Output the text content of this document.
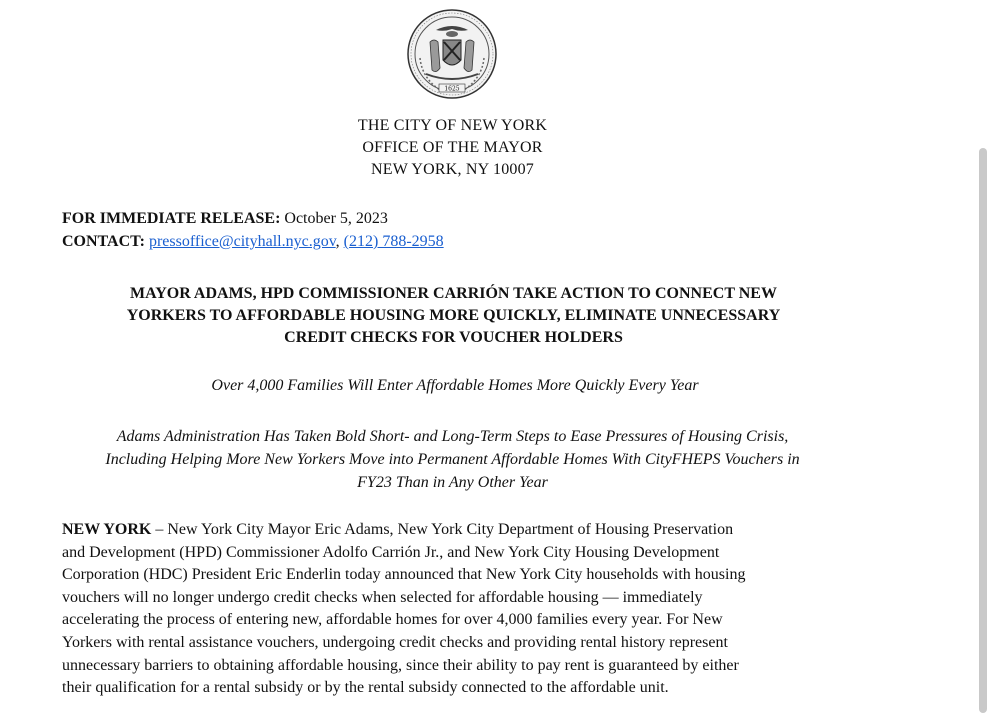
1625
THE CITY OF NEW YORK
OFFICE OF THE MAYOR
NEW YORK, NY 10007
FOR IMMEDIATE RELEASE: October 5, 2023
CONTACT: pressoffice@cityhall.nyc.gov, (212) 788-2958
MAYOR ADAMS, HPD COMMISSIONER CARRIÓN TAKE ACTION TO CONNECT NEW
YORKERS TO AFFORDABLE HOUSING MORE QUICKLY, ELIMINATE UNNECESSARY
CREDIT CHECKS FOR VOUCHER HOLDERS
Over 4,000 Families Will Enter Affordable Homes More Quickly Every Year
Adams Administration Has Taken Bold Short- and Long-Term Steps to Ease Pressures of Housing Crisis,
Including Helping More New Yorkers Move into Permanent Affordable Homes With CityFHEPS Vouchers in
FY23 Than in Any Other Year
NEW YORK – New York City Mayor Eric Adams, New York City Department of Housing Preservation
and Development (HPD) Commissioner Adolfo Carrión Jr., and New York City Housing Development
Corporation (HDC) President Eric Enderlin today announced that New York City households with housing
vouchers will no longer undergo credit checks when selected for affordable housing — immediately
accelerating the process of entering new, affordable homes for over 4,000 families every year. For New
Yorkers with rental assistance vouchers, undergoing credit checks and providing rental history represent
unnecessary barriers to obtaining affordable housing, since their ability to pay rent is guaranteed by either
their qualification for a rental subsidy or by the rental subsidy connected to the affordable unit.
